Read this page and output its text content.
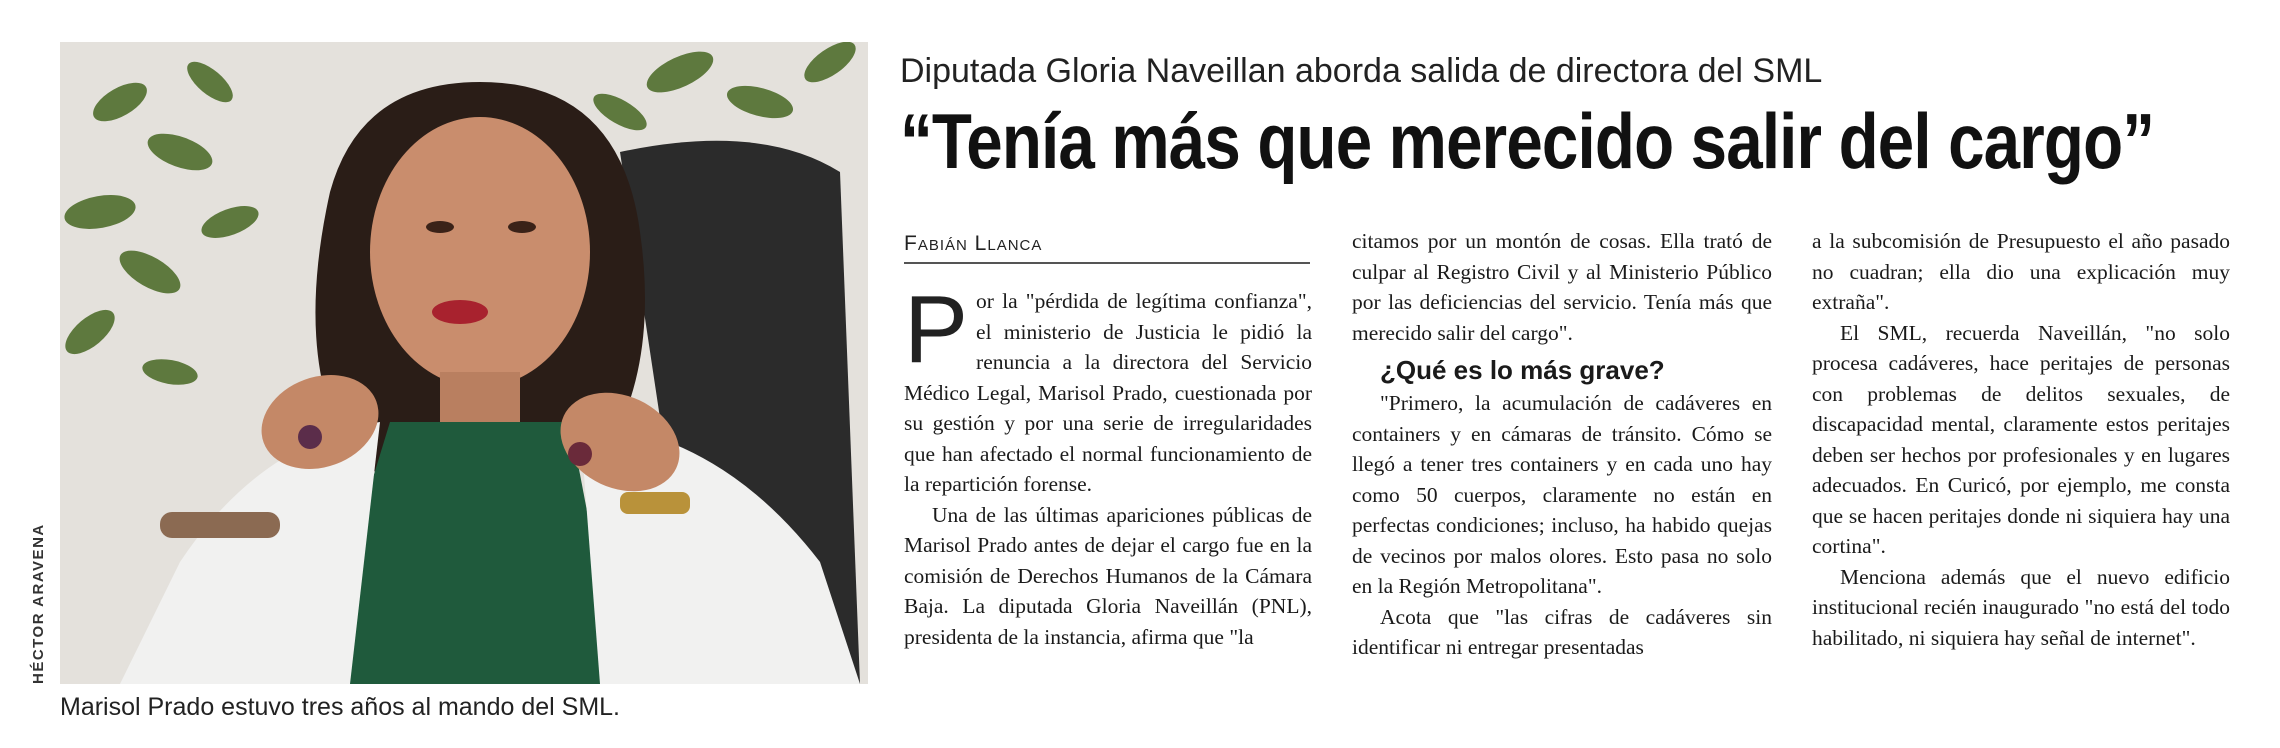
HÉCTOR ARAVENA
Marisol Prado estuvo tres años al mando del SML.
Diputada Gloria Naveillan aborda salida de directora del SML
“Tenía más que merecido salir del cargo”
Fabián Llanca
P or la "pérdida de legítima confianza", el ministerio de Justicia le pidió la renuncia a la directora del Servicio Médico Legal, Marisol Prado, cuestionada por su gestión y por una serie de irregularidades que han afectado el normal funcionamiento de la repartición forense.

Una de las últimas apariciones públicas de Marisol Prado antes de dejar el cargo fue en la comisión de Derechos Humanos de la Cámara Baja. La diputada Gloria Naveillán (PNL), presidenta de la instancia, afirma que "la

citamos por un montón de cosas. Ella trató de culpar al Registro Civil y al Ministerio Público por las deficiencias del servicio. Tenía más que merecido salir del cargo".

¿Qué es lo más grave?

"Primero, la acumulación de cadáveres en containers y en cámaras de tránsito. Cómo se llegó a tener tres containers y en cada uno hay como 50 cuerpos, claramente no están en perfectas condiciones; incluso, ha habido quejas de vecinos por malos olores. Esto pasa no solo en la Región Metropolitana".

Acota que "las cifras de cadáveres sin identificar ni entregar presentadas

a la subcomisión de Presupuesto el año pasado no cuadran; ella dio una explicación muy extraña".

El SML, recuerda Naveillán, "no solo procesa cadáveres, hace peritajes de personas con problemas de delitos sexuales, de discapacidad mental, claramente estos peritajes deben ser hechos por profesionales y en lugares adecuados. En Curicó, por ejemplo, me consta que se hacen peritajes donde ni siquiera hay una cortina".

Menciona además que el nuevo edificio institucional recién inaugurado "no está del todo habilitado, ni siquiera hay señal de internet".
